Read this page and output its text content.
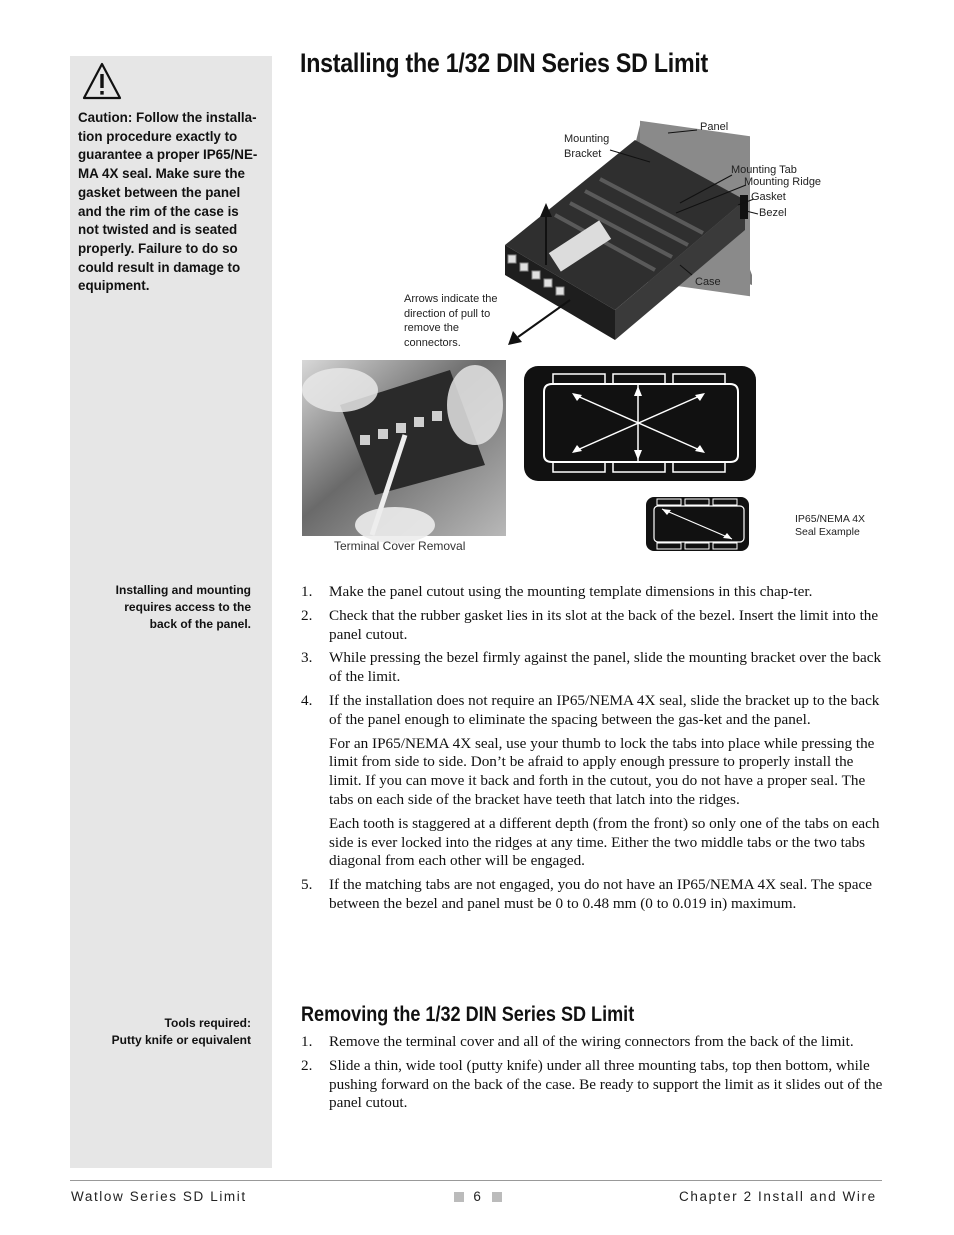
Caution: Follow the installa-
tion procedure exactly to
guarantee a proper IP65/NE-
MA 4X seal. Make sure the
gasket between the panel
and the rim of the case is
not twisted and is seated
properly. Failure to do so
could result in damage to
equipment.
Installing and mounting
requires access to the
back of the panel.
Tools required:
Putty knife or equivalent
Installing the 1/32 DIN Series SD Limit
Panel
Mounting
Bracket
Mounting Tab
Mounting Ridge
Gasket
Bezel
Case
Arrows indicate the
direction of pull to
remove the
connectors.
Terminal Cover Removal
IP65/NEMA 4X
Seal Example
1. Make the panel cutout using the mounting template dimensions in this chap-ter.
2. Check that the rubber gasket lies in its slot at the back of the bezel. Insert the limit into the panel cutout.
3. While pressing the bezel firmly against the panel, slide the mounting bracket over the back of the limit.
4. If the installation does not require an IP65/NEMA 4X seal, slide the bracket up to the back of the panel enough to eliminate the spacing between the gas-ket and the panel.
For an IP65/NEMA 4X seal, use your thumb to lock the tabs into place while pressing the limit from side to side. Don’t be afraid to apply enough pressure to properly install the limit. If you can move it back and forth in the cutout, you do not have a proper seal. The tabs on each side of the bracket have teeth that latch into the ridges.
Each tooth is staggered at a different depth (from the front) so only one of the tabs on each side is ever locked into the ridges at any time. Either the two middle tabs or the two tabs diagonal from each other will be engaged.
5. If the matching tabs are not engaged, you do not have an IP65/NEMA 4X seal. The space between the bezel and panel must be 0 to 0.48 mm (0 to 0.019 in) maximum.
Removing the 1/32 DIN Series SD Limit
1. Remove the terminal cover and all of the wiring connectors from the back of the limit.
2. Slide a thin, wide tool (putty knife) under all three mounting tabs, top then bottom, while pushing forward on the back of the case. Be ready to support the limit as it slides out of the panel cutout.
Watlow Series SD Limit	6	Chapter 2 Install and Wire
